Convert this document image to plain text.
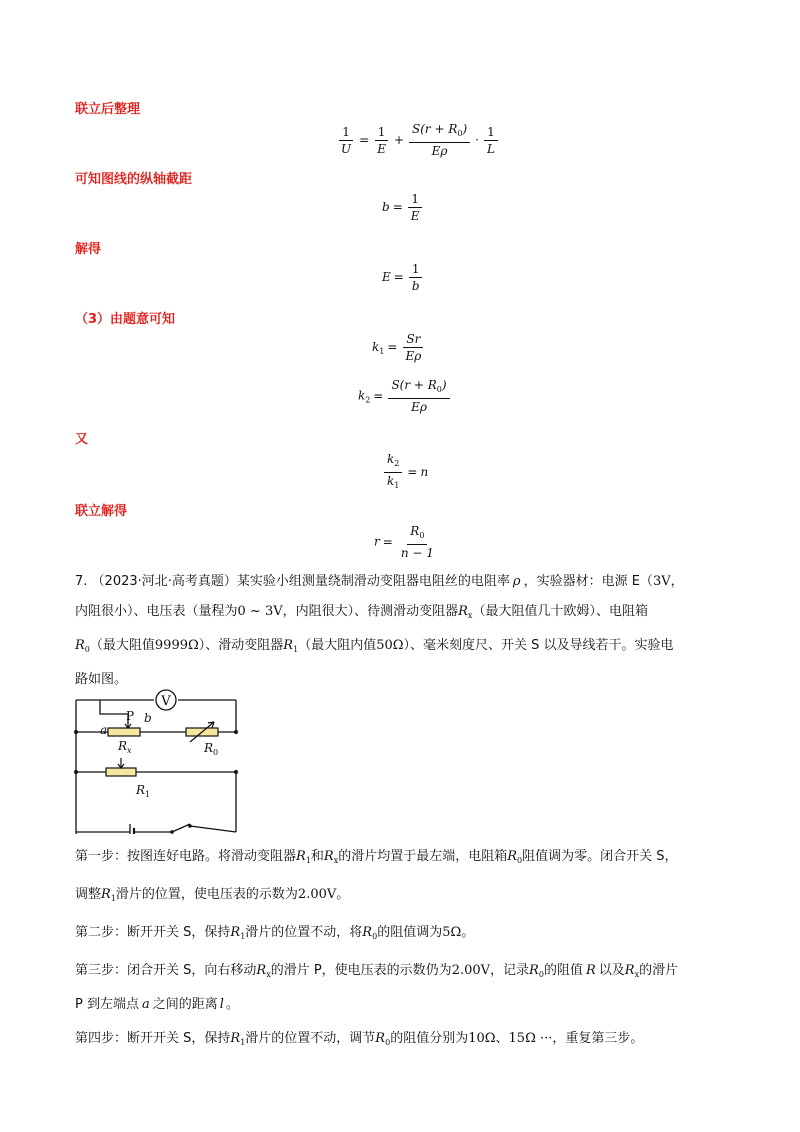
联立后整理
可知图线的纵轴截距
解得
（3）由题意可知
又
联立解得
$\frac{1}{U} = \frac{1}{E} + \frac{S(r + R_0)}{E\rho} \cdot \frac{1}{L}$
$b = \frac{1}{E}$
$E = \frac{1}{b}$
$k_1 = \frac{Sr}{E\rho}$
$k_2 = \frac{S(r + R_0)}{E\rho}$
$\frac{k_2}{k_1} = n$
$r = \frac{R_0}{n - 1}$
7. （2023·河北·高考真题）某实验小组测量绕制滑动变阻器电阻丝的电阻率 ρ ，实验器材：电源 E（3V，
内阻很小）、电压表（量程为0 ~ 3V，内阻很大）、待测滑动变阻器$R_x$（最大阻值几十欧姆）、电阻箱
$R_0$（最大阻值9999Ω）、滑动变阻器$R_1$（最大阻内值50Ω）、毫米刻度尺、开关 S 以及导线若干。实验电
路如图。
V
P
a
b
$R_x$	$R_0$
$R_1$
第一步：按图连好电路。将滑动变阻器$R_1$和$R_x$的滑片均置于最左端，电阻箱$R_0$阻值调为零。闭合开关 S，
调整$R_1$滑片的位置，使电压表的示数为2.00V。
第二步：断开开关 S，保持$R_1$滑片的位置不动，将$R_0$的阻值调为5Ω。
第三步：闭合开关 S，向右移动$R_x$的滑片 P，使电压表的示数仍为2.00V，记录$R_0$的阻值 R 以及$R_x$的滑片
P 到左端点 a 之间的距离 l 。
第四步：断开开关 S，保持$R_1$滑片的位置不动，调节$R_0$的阻值分别为10Ω、15Ω ···，重复第三步。
